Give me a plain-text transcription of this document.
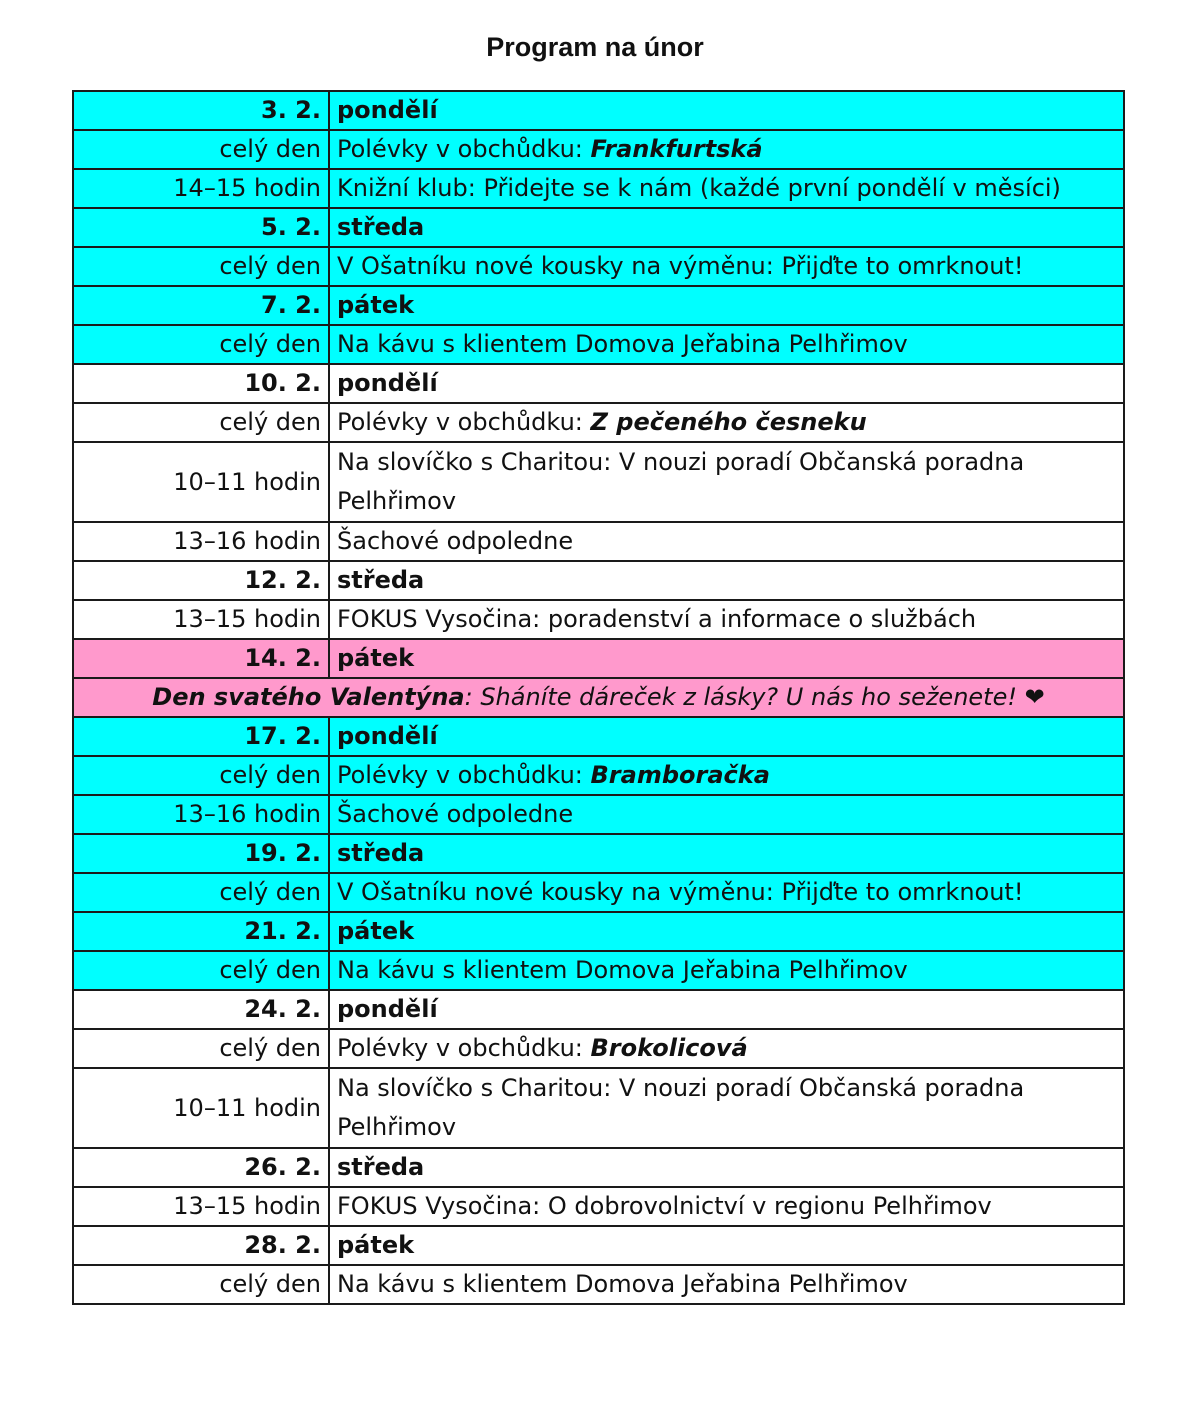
Program na únor
3. 2.	pondělí
celý den	Polévky v obchůdku: Frankfurtská
14–15 hodin	Knižní klub: Přidejte se k nám (každé první pondělí v měsíci)
5. 2.	středa
celý den	V Ošatníku nové kousky na výměnu: Přijďte to omrknout!
7. 2.	pátek
celý den	Na kávu s klientem Domova Jeřabina Pelhřimov
10. 2.	pondělí
celý den	Polévky v obchůdku: Z pečeného česneku
10–11 hodin	Na slovíčko s Charitou: V nouzi poradí Občanská poradna Pelhřimov
13–16 hodin	Šachové odpoledne
12. 2.	středa
13–15 hodin	FOKUS Vysočina: poradenství a informace o službách
14. 2.	pátek
Den svatého Valentýna: Sháníte dáreček z lásky? U nás ho seženete! ❤	
17. 2.	pondělí
celý den	Polévky v obchůdku: Bramboračka
13–16 hodin	Šachové odpoledne
19. 2.	středa
celý den	V Ošatníku nové kousky na výměnu: Přijďte to omrknout!
21. 2.	pátek
celý den	Na kávu s klientem Domova Jeřabina Pelhřimov
24. 2.	pondělí
celý den	Polévky v obchůdku: Brokolicová
10–11 hodin	Na slovíčko s Charitou: V nouzi poradí Občanská poradna Pelhřimov
26. 2.	středa
13–15 hodin	FOKUS Vysočina: O dobrovolnictví v regionu Pelhřimov
28. 2.	pátek
celý den	Na kávu s klientem Domova Jeřabina Pelhřimov
